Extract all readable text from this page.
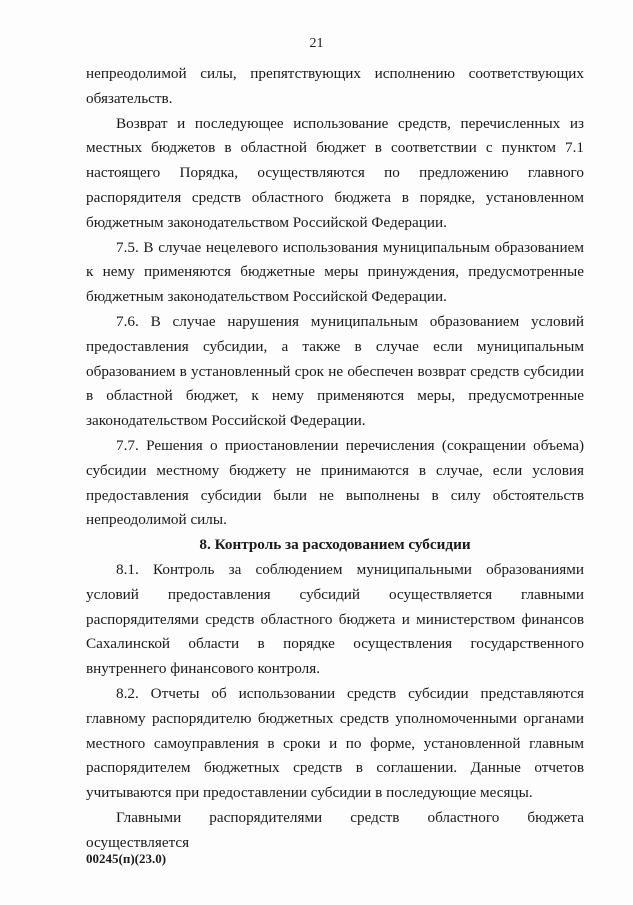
21

непреодолимой силы, препятствующих исполнению соответствующих обязательств.

Возврат и последующее использование средств, перечисленных из местных бюджетов в областной бюджет в соответствии с пунктом 7.1 настоящего Порядка, осуществляются по предложению главного распорядителя средств областного бюджета в порядке, установленном бюджетным законодательством Российской Федерации.

7.5. В случае нецелевого использования муниципальным образованием к нему применяются бюджетные меры принуждения, предусмотренные бюджетным законодательством Российской Федерации.

7.6. В случае нарушения муниципальным образованием условий предоставления субсидии, а также в случае если муниципальным образованием в установленный срок не обеспечен возврат средств субсидии в областной бюджет, к нему применяются меры, предусмотренные законодательством Российской Федерации.

7.7. Решения о приостановлении перечисления (сокращении объема) субсидии местному бюджету не принимаются в случае, если условия предоставления субсидии были не выполнены в силу обстоятельств непреодолимой силы.

8. Контроль за расходованием субсидии

8.1. Контроль за соблюдением муниципальными образованиями условий предоставления субсидий осуществляется главными распорядителями средств областного бюджета и министерством финансов Сахалинской области в порядке осуществления государственного внутреннего финансового контроля.

8.2. Отчеты об использовании средств субсидии представляются главному распорядителю бюджетных средств уполномоченными органами местного самоуправления в сроки и по форме, установленной главным распорядителем бюджетных средств в соглашении. Данные отчетов учитываются при предоставлении субсидии в последующие месяцы.

Главными распорядителями средств областного бюджета осуществляется

00245(п)(23.0)
